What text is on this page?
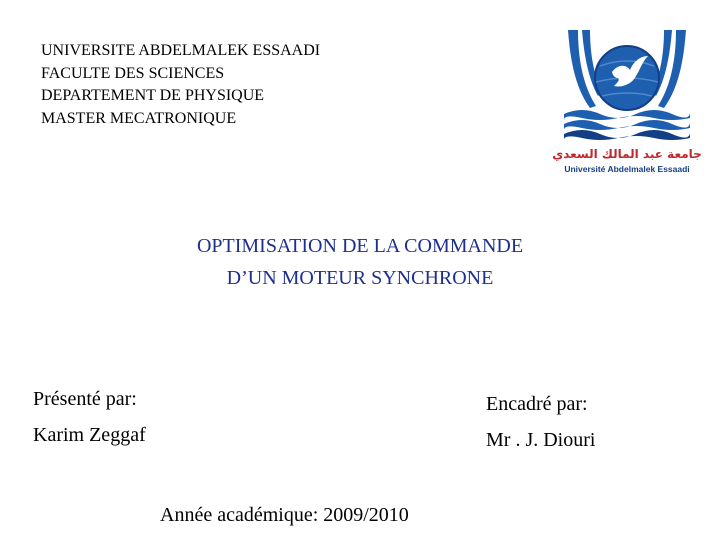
UNIVERSITE ABDELMALEK ESSAADI
FACULTE DES SCIENCES
DEPARTEMENT DE PHYSIQUE
MASTER MECATRONIQUE
جامعة عبد المالك السعدي
Université Abdelmalek Essaadi
OPTIMISATION DE LA COMMANDE
D’UN MOTEUR SYNCHRONE
Présenté par:
Karim Zeggaf
Encadré par:
Mr . J. Diouri
Année académique: 2009/2010
